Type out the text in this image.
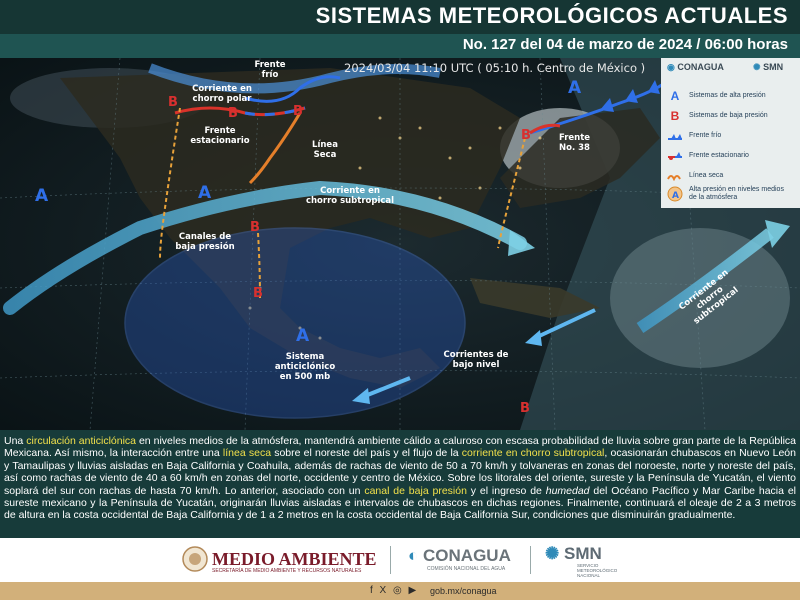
SISTEMAS METEOROLÓGICOS ACTUALES
No. 127 del 04 de marzo de 2024 / 06:00 horas
2024/03/04 11:10 UTC ( 05:10 h. Centro de México )
A	A
A
A
B
B	B
B
B
B
B
Frente
frío
Corriente en
chorro polar
Frente
estacionario	Línea
Seca
Frente
No. 38
Corriente en
chorro subtropical
Canales de
baja presión
Sistema
anticiclónico
en 500 mb
Corrientes de
bajo nivel
Corriente en
chorro subtropical
◉ CONAGUA	✺ SMN
A	Sistemas de alta presión
B	Sistemas de baja presión
Frente frío
Frente estacionario
Línea seca
A
Alta presión en niveles medios de la atmósfera

Una circulación anticiclónica en niveles medios de la atmósfera, mantendrá ambiente cálido a caluroso con escasa probabilidad de lluvia sobre gran parte de la República Mexicana. Así mismo, la interacción entre una línea seca sobre el noreste del país y el flujo de la corriente en chorro subtropical, ocasionarán chubascos en Nuevo León y Tamaulipas y lluvias aisladas en Baja California y Coahuila, además de rachas de viento de 50 a 70 km/h y tolvaneras en zonas del noroeste, norte y noreste del país, así como rachas de viento de 40 a 60 km/h en zonas del norte, occidente y centro de México. Sobre los litorales del oriente, sureste y la Península de Yucatán, el viento soplará del sur con rachas de hasta 70 km/h. Lo anterior, asociado con un canal de baja presión y el ingreso de humedad del Océano Pacífico y Mar Caribe hacia el sureste mexicano y la Península de Yucatán, originarán lluvias aisladas e intervalos de chubascos en dichas regiones. Finalmente, continuará el oleaje de 2 a 3 metros de altura en la costa occidental de Baja California y de 1 a 2 metros en la costa occidental de Baja California Sur, condiciones que disminuirán gradualmente.

MEDIO AMBIENTE
SECRETARÍA DE MEDIO AMBIENTE Y RECURSOS NATURALES
◐ CONAGUA
COMISIÓN NACIONAL DEL AGUA
✺ SMN
SERVICIO
METEOROLÓGICO
NACIONAL
f X ◎ ▶ gob.mx/conagua
